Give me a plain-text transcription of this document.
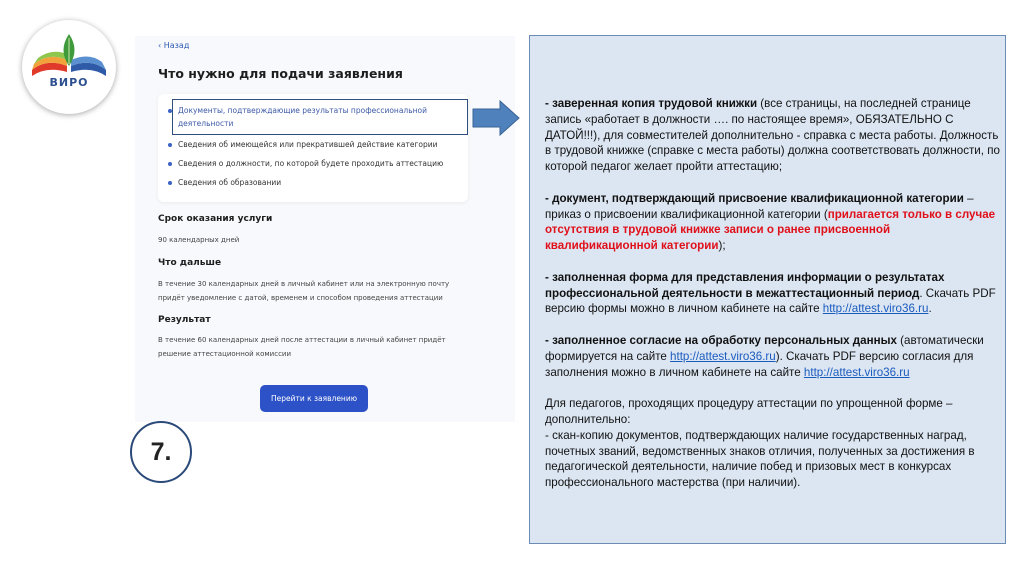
ВИРО
‹ Назад
Что нужно для подачи заявления
Документы, подтверждающие результаты профессиональной
деятельности
Сведения об имеющейся или прекратившей действие категории
Сведения о должности, по которой будете проходить аттестацию
Сведения об образовании
Срок оказания услуги
90 календарных дней
Что дальше
В течение 30 календарных дней в личный кабинет или на электронную почту
придёт уведомление с датой, временем и способом проведения аттестации
Результат
В течение 60 календарных дней после аттестации в личный кабинет придёт
решение аттестационной комиссии
Перейти к заявлению
7.

- заверенная копия трудовой книжки (все страницы, на последней странице запись «работает в должности …. по настоящее время», ОБЯЗАТЕЛЬНО С ДАТОЙ!!!), для совместителей дополнительно - справка с места работы. Должность в трудовой книжке (справке с места работы) должна соответствовать должности, по которой педагог желает пройти аттестацию;

- документ, подтверждающий присвоение квалификационной категории – приказ о присвоении квалификационной категории (прилагается только в случае отсутствия в трудовой книжке записи о ранее присвоенной квалификационной категории);

- заполненная форма для представления информации о результатах профессиональной деятельности в межаттестационный период. Скачать PDF версию формы можно в личном кабинете на сайте http://attest.viro36.ru.

- заполненное согласие на обработку персональных данных (автоматически формируется на сайте http://attest.viro36.ru). Скачать PDF версию согласия для заполнения можно в личном кабинете на сайте http://attest.viro36.ru

Для педагогов, проходящих процедуру аттестации по упрощенной форме – дополнительно:
- скан-копию документов, подтверждающих наличие государственных наград, почетных званий, ведомственных знаков отличия, полученных за достижения в педагогической деятельности, наличие побед и призовых мест в конкурсах профессионального мастерства (при наличии).
